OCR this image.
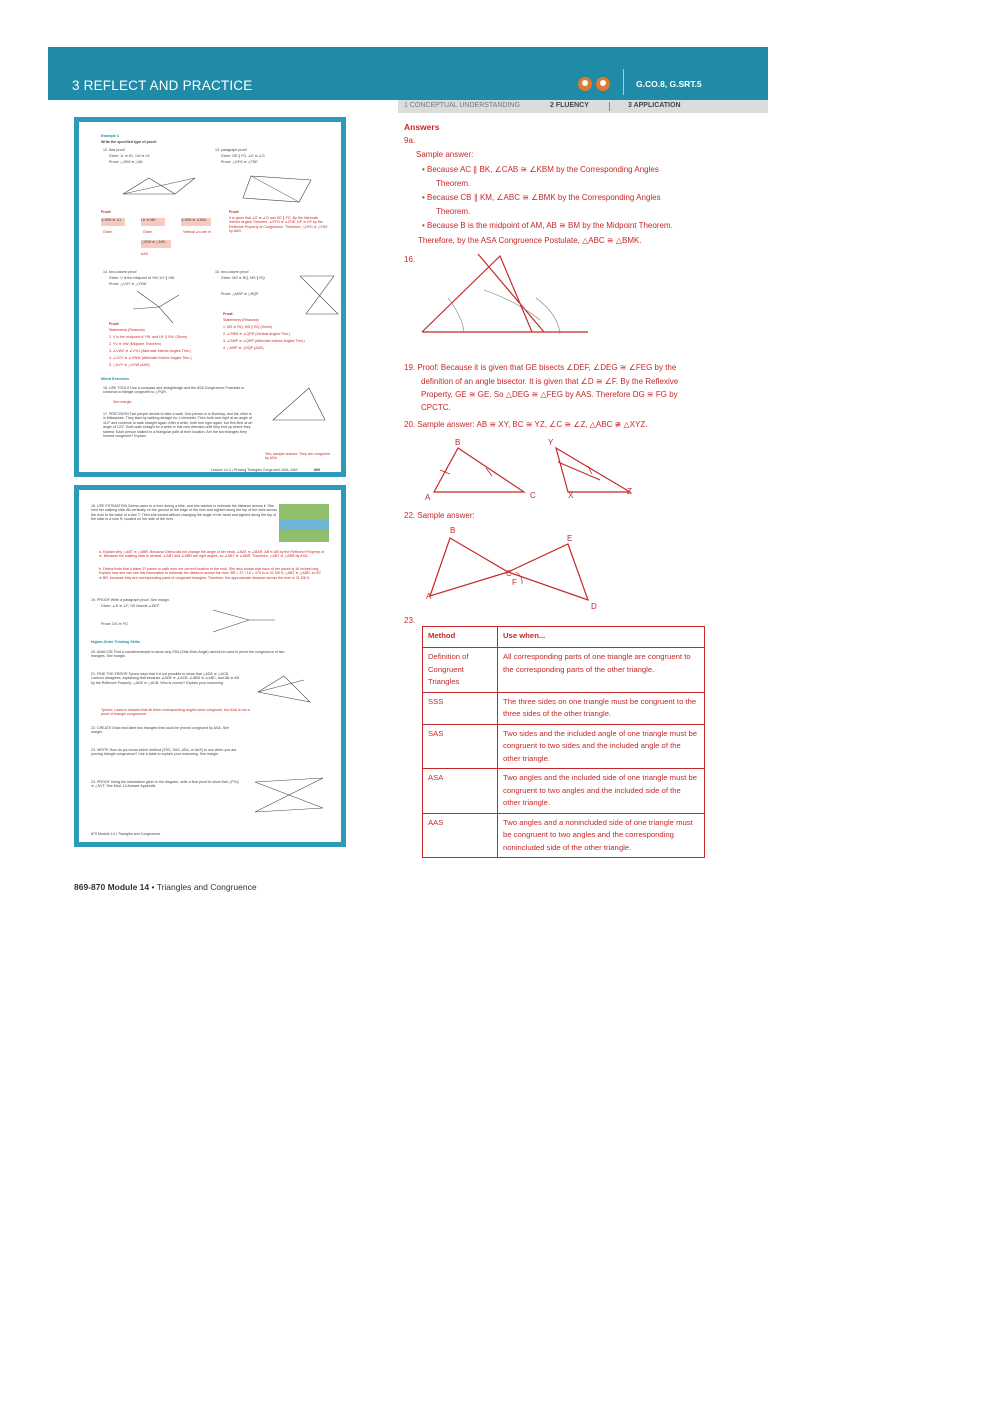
3 REFLECT AND PRACTICE	G.CO.8, G.SRT.5
1 CONCEPTUAL UNDERSTANDING	2 FLUENCY	3 APPLICATION
Example 3
Write the specified type of proof.
12. flow proof
Given: JL ≅ KL, LM ≅ LK
Prove: △JKM ≅ △ML
13. paragraph proof
Given: DE ∥ FG, ∠E ≅ ∠G
Prove: △DFG ≅ △FDE
Proof:
∠JKM ≅ ∠L	LK ≅ MK	∠JKM ≅ ∠MKL
Given	Given	Vertical ∠s are ≅
△JKM ≅ △MKL
AAS
Proof:
It is given that ∠E ≅ ∠G and DE ∥ FG. By the Alternate Interior Angles Theorem, ∠EFG ≅ ∠FDE. DF ≅ DF by the Reflexive Property of Congruence. Therefore, △DFG ≅ △FDE by AAS.
14. two-column proof
Given: V is the midpoint of YW; UY ∥ XW.
Prove: △UVY ≅ △XVW
15. two-column proof
Given: MS ≅ RQ, MS ∥ RQ
Prove: △MSP ≅ △RQP
Proof:
Statements (Reasons)
1. V is the midpoint of YW, and UY ∥ XW. (Given)
2. YV ≅ VW (Midpoint Theorem)
3. ∠VWX ≅ ∠VYU (Alternate Interior Angles Thm.)
4. ∠XVY ≅ ∠VWW (Alternate Interior Angles Thm.)
5. △UVY ≅ △XVW (AAS)
Proof:
Statements (Reasons)
1. MS ≅ RQ, MS ∥ RQ (Given)
2. ∠SRM ≅ ∠QPR (Vertical Angles Thm.)
3. ∠SMP ≅ ∠QRP (Alternate Interior Angles Thm.)
4. △MSP ≅ △RQP (AAS)
Mixed Exercises
16. USE TOOLS Use a compass and straightedge and the ASA Congruence Postulate to construct a triangle congruent to △PQR.
See margin.
17. PRECISION Two people decide to take a walk. One person is in Bombay, and the other is in Milwaukee. They start by walking straight for 1 kilometer. Then both turn right at an angle of 110° and continue to walk straight again. After a while, both turn right again, but this time at an angle of 120°. Both walk straight for a while in this new direction until they end up where they started. Each person walked in a triangular path at their location. Are the two triangles they formed congruent? Explain.
Yes; sample answer: They are congruent by ASA.
Lesson 14-4 • Proving Triangles Congruent: ASA, AAS	869
18. USE ESTIMATION Delma came to a river during a hike, and she wanted to estimate the distance across it. She held her walking stick AB vertically on the ground at the edge of the river and sighted along the top of the stick across the river to the base of a tree T. Then she turned without changing the angle of her head and sighted along the top of the stick to a rock R, located on her side of the river.
a. Explain why △ABT ≅ △ABR. Because Delma did not change the angle of her head, ∠BAT ≅ ∠BAR. AB ≅ AB by the Reflexive Property of ≅. Because the walking stick is vertical, ∠ABT and ∠ABR are right angles, so ∠ABT ≅ ∠ABR. Therefore, △ABT ≅ △ABR by ASA.
b. Delma finds that it takes 37 paces to walk from her current location to the rock. She also knows that each of her paces is 16 inches long. Explain how she can use this information to estimate the distance across the river. BR = 37 • 16 = 370 in or 31 5/6 ft; △ABT ≅ △ABR, so BT ≅ BR, because they are corresponding parts of congruent triangles. Therefore, the approximate distance across the river is 31 5/6 ft.
19. PROOF Write a paragraph proof. See margin.
Given: ∠D ≅ ∠F, GE bisects ∠DEF.
Prove: DG ≅ FG
Higher-Order Thinking Skills
20. ANALYZE Find a counterexample to show why SSA (Side-Side-Angle) cannot be used to prove the congruence of two triangles. See margin.
21. FIND THE ERROR Tyrone says that it is not possible to show that △ADE ≅ △ACB. Lorenzo disagrees, explaining that because ∠ADE ≅ ∠ACB, ∠ABD ≅ ∠ABC, and AB ≅ AB by the Reflexive Property, △ADE ≅ △ACB. Who is correct? Explain your reasoning.
Tyrone; Lorenzo showed that all three corresponding angles were congruent, but AAA is not a proof of triangle congruence.
22. CREATE Draw and label two triangles that could be proved congruent by ASA. See margin.
23. WRITE How do you know which method (SSS, SAS, ASA, or AAS) to use when you are proving triangle congruence? Use a table to explain your reasoning. See margin.
24. PROOF Using the information given in the diagram, write a flow proof to show that △PVQ ≅ △SVT. See Mod. 14 Answer Appendix.
870 Module 14 • Triangles and Congruence
869-870 Module 14 • Triangles and Congruence
Answers
9a.
Sample answer:
• Because AC ∥ BK, ∠CAB ≅ ∠KBM by the Corresponding Angles
Theorem.
• Because CB ∥ KM, ∠ABC ≅ ∠BMK by the Corresponding Angles
Theorem.
• Because B is the midpoint of AM, AB ≅ BM by the Midpoint Theorem.
Therefore, by the ASA Congruence Postulate, △ABC ≅ △BMK.
16.
19. Proof: Because it is given that GE bisects ∠DEF, ∠DEG ≅ ∠FEG by the
definition of an angle bisector. It is given that ∠D ≅ ∠F. By the Reflexive
Property, GE ≅ GE. So △DEG ≅ △FEG by AAS. Therefore DG ≅ FG by
CPCTC.
20. Sample answer: AB ≅ XY, BC ≅ YZ, ∠C ≅ ∠Z, △ABC ≇ △XYZ.
B	Y
A	C	X	Z
22. Sample answer:
B
E
C
F
A
D
23.
Method	Use when...
Definition of Congruent Triangles	All corresponding parts of one triangle are congruent to the corresponding parts of the other triangle.
SSS	The three sides on one triangle must be congruent to the three sides of the other triangle.
SAS	Two sides and the included angle of one triangle must be congruent to two sides and the included angle of the other triangle.
ASA	Two angles and the included side of one triangle must be congruent to two angles and the included side of the other triangle.
AAS	Two angles and a nonincluded side of one triangle must be congruent to two angles and the corresponding nonincluded side of the other triangle.
